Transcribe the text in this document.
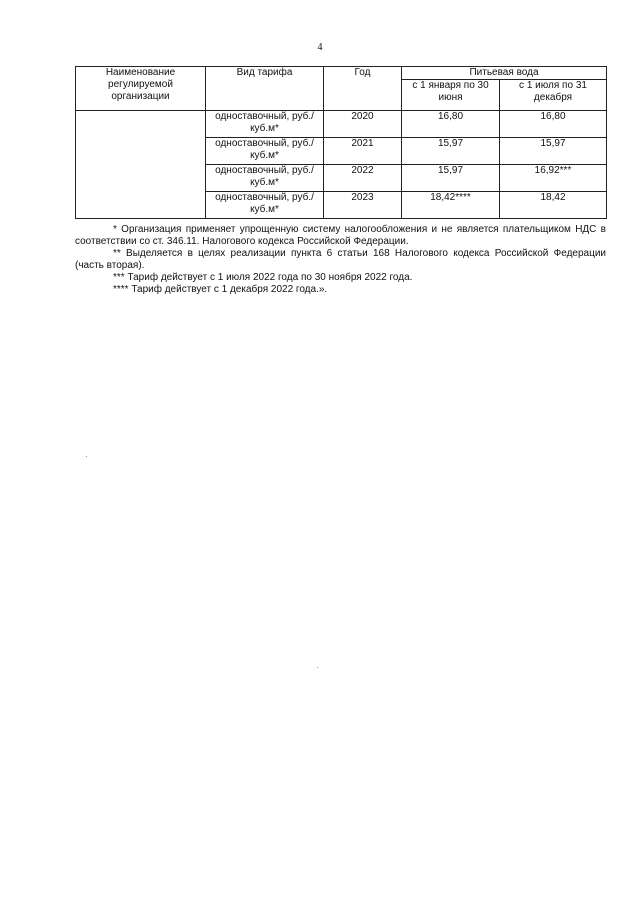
4
Наименование регулируемой организации	Вид тарифа	Год	Питьевая вода	
			с 1 января по 30 июня	с 1 июля по 31 декабря
	одноставочный, руб./куб.м*	2020	16,80	16,80
	одноставочный, руб./куб.м*	2021	15,97	15,97
	одноставочный, руб./куб.м*	2022	15,97	16,92***
	одноставочный, руб./куб.м*	2023	18,42****	18,42

* Организация применяет упрощенную систему налогообложения и не является плательщиком НДС в соответствии со ст. 346.11. Налогового кодекса Российской Федерации.

** Выделяется в целях реализации пункта 6 статьи 168 Налогового кодекса Российской Федерации (часть вторая).

*** Тариф действует с 1 июля 2022 года по 30 ноября 2022 года.

**** Тариф действует с 1 декабря 2022 года.».
